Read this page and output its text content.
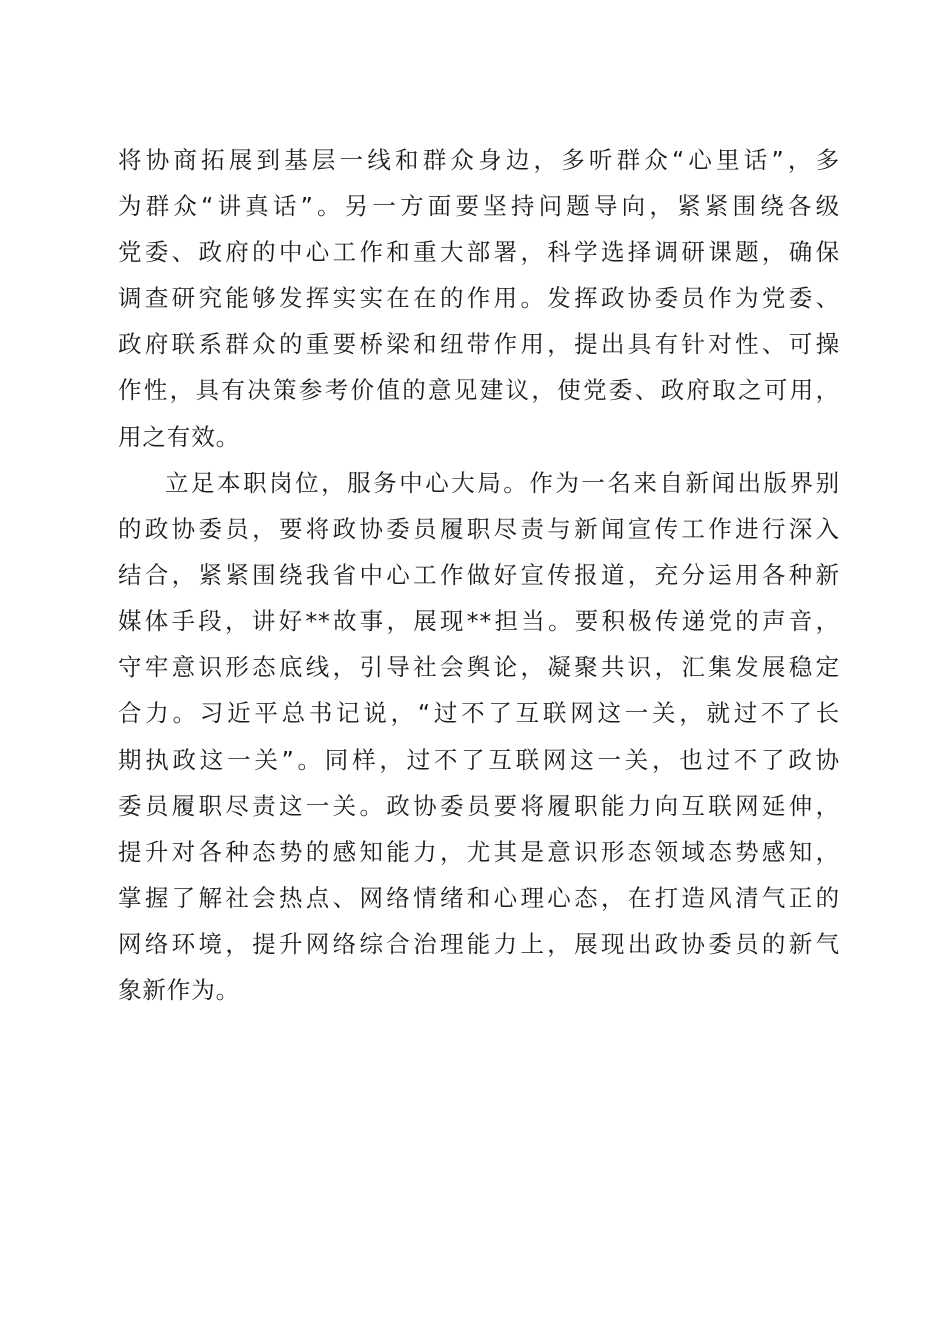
将协商拓展到基层一线和群众身边，多听群众“心里话”，多
为群众“讲真话”。另一方面要坚持问题导向，紧紧围绕各级
党委、政府的中心工作和重大部署，科学选择调研课题，确保
调查研究能够发挥实实在在的作用。发挥政协委员作为党委、
政府联系群众的重要桥梁和纽带作用，提出具有针对性、可操
作性，具有决策参考价值的意见建议，使党委、政府取之可用，
用之有效。
立足本职岗位，服务中心大局。作为一名来自新闻出版界别
的政协委员，要将政协委员履职尽责与新闻宣传工作进行深入
结合，紧紧围绕我省中心工作做好宣传报道，充分运用各种新
媒体手段，讲好**故事，展现**担当。要积极传递党的声音，
守牢意识形态底线，引导社会舆论，凝聚共识，汇集发展稳定
合力。习近平总书记说，“过不了互联网这一关，就过不了长
期执政这一关”。同样，过不了互联网这一关，也过不了政协
委员履职尽责这一关。政协委员要将履职能力向互联网延伸，
提升对各种态势的感知能力，尤其是意识形态领域态势感知，
掌握了解社会热点、网络情绪和心理心态，在打造风清气正的
网络环境，提升网络综合治理能力上，展现出政协委员的新气
象新作为。
